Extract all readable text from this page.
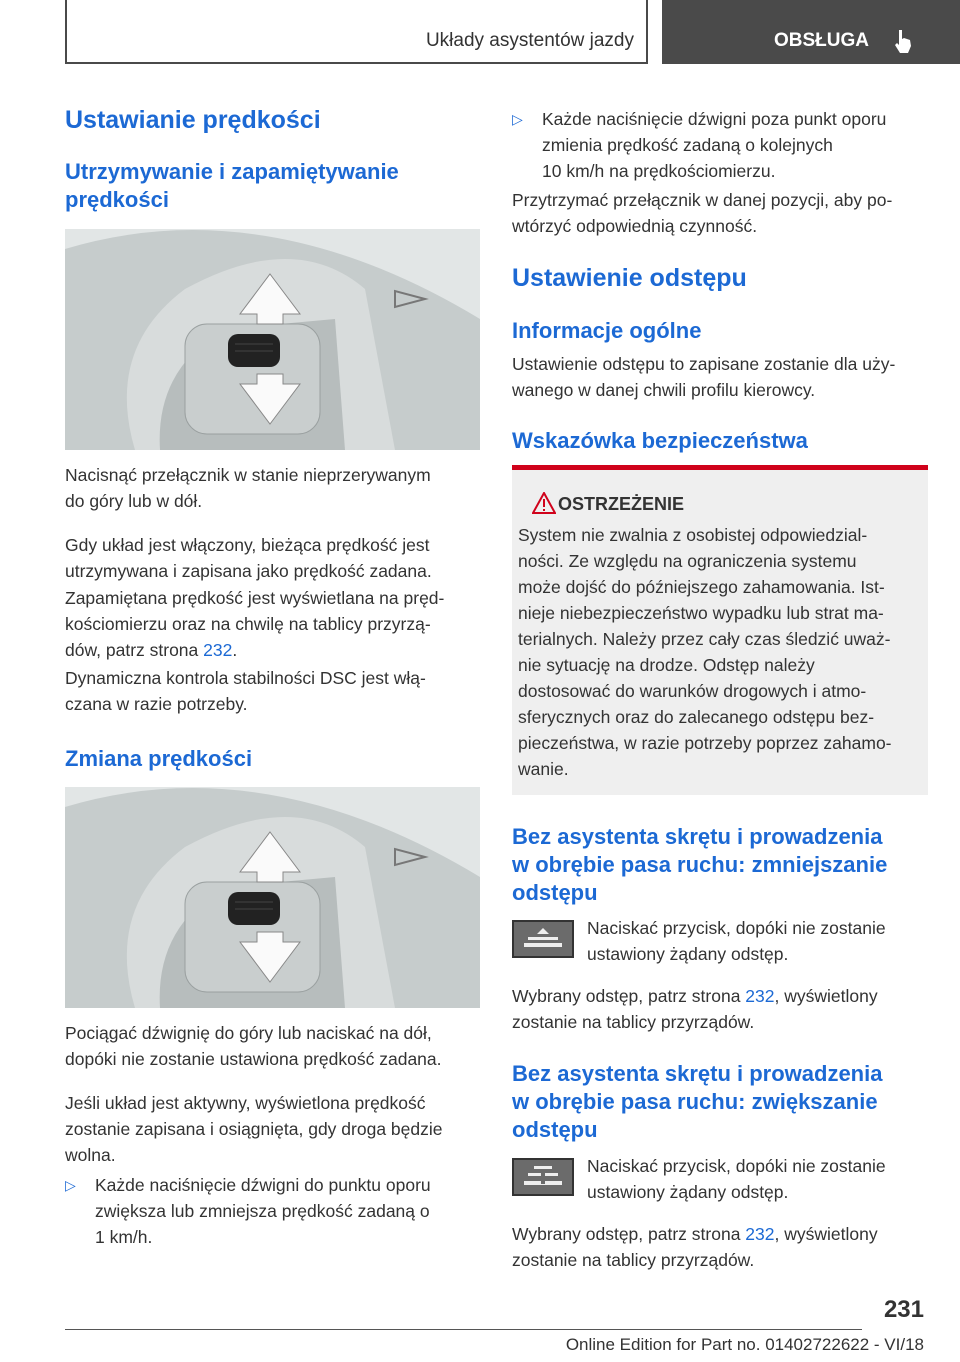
Układy asystentów jazdy	OBSŁUGA
Ustawianie prędkości
Utrzymywanie i zapamiętywanie
prędkości
Nacisnąć przełącznik w stanie nieprzerywanym
do góry lub w dół.
Gdy układ jest włączony, bieżąca prędkość jest
utrzymywana i zapisana jako prędkość zadana.
Zapamiętana prędkość jest wyświetlana na pręd‐
kościomierzu oraz na chwilę na tablicy przyrzą‐
dów, patrz strona 232.
Dynamiczna kontrola stabilności DSC jest włą‐
czana w razie potrzeby.
Zmiana prędkości
Pociągać dźwignię do góry lub naciskać na dół,
dopóki nie zostanie ustawiona prędkość zadana.
Jeśli układ jest aktywny, wyświetlona prędkość
zostanie zapisana i osiągnięta, gdy droga będzie
wolna.
▷ Każde naciśnięcie dźwigni do punktu oporu
zwiększa lub zmniejsza prędkość zadaną o
1 km/h.
▷ Każde naciśnięcie dźwigni poza punkt oporu
zmienia prędkość zadaną o kolejnych
10 km/h na prędkościomierzu.
Przytrzymać przełącznik w danej pozycji, aby po‐
wtórzyć odpowiednią czynność.
Ustawienie odstępu
Informacje ogólne
Ustawienie odstępu to zapisane zostanie dla uży‐
wanego w danej chwili profilu kierowcy.
Wskazówka bezpieczeństwa
OSTRZEŻENIE
System nie zwalnia z osobistej odpowiedzial‐
ności. Ze względu na ograniczenia systemu
może dojść do późniejszego zahamowania. Ist‐
nieje niebezpieczeństwo wypadku lub strat ma‐
terialnych. Należy przez cały czas śledzić uważ‐
nie sytuację na drodze. Odstęp należy
dostosować do warunków drogowych i atmo‐
sferycznych oraz do zalecanego odstępu bez‐
pieczeństwa, w razie potrzeby poprzez zahamo‐
wanie.
Bez asystenta skrętu i prowadzenia
w obrębie pasa ruchu: zmniejszanie
odstępu
Naciskać przycisk, dopóki nie zostanie
ustawiony żądany odstęp.
Wybrany odstęp, patrz strona 232, wyświetlony
zostanie na tablicy przyrządów.
Bez asystenta skrętu i prowadzenia
w obrębie pasa ruchu: zwiększanie
odstępu
Naciskać przycisk, dopóki nie zostanie
ustawiony żądany odstęp.
Wybrany odstęp, patrz strona 232, wyświetlony
zostanie na tablicy przyrządów.
231
Online Edition for Part no. 01402722622 - VI/18
